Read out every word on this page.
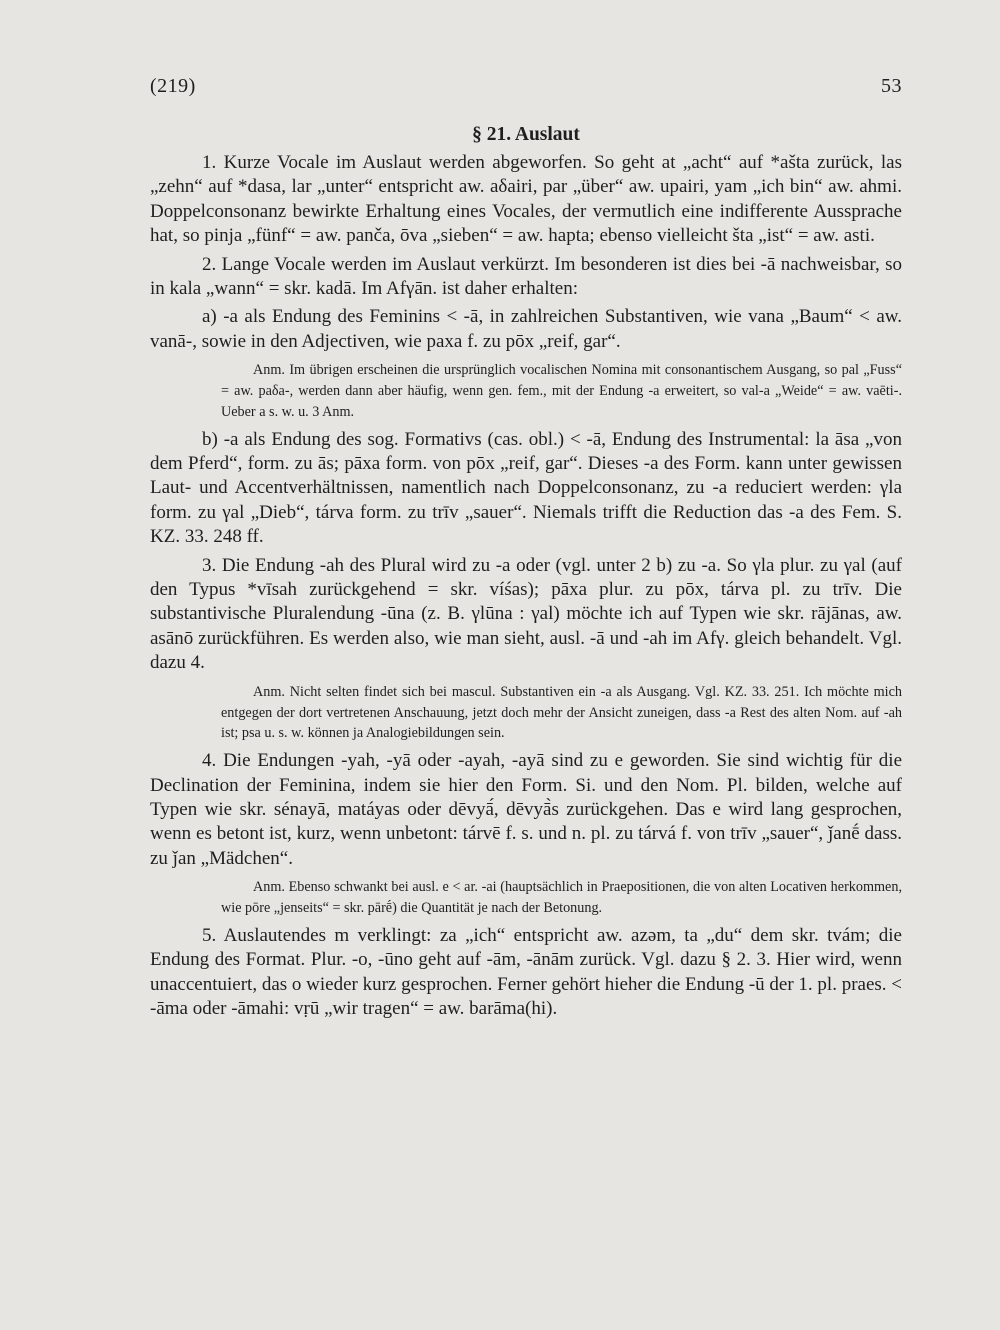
(219)	53
§ 21. Auslaut

1. Kurze Vocale im Auslaut werden abgeworfen. So geht at „acht“ auf *ašta zurück, las „zehn“ auf *dasa, lar „unter“ entspricht aw. aδairi, par „über“ aw. upairi, yam „ich bin“ aw. ahmi. Doppelconsonanz bewirkte Erhaltung eines Vocales, der vermutlich eine indifferente Aussprache hat, so pinja „fünf“ = aw. panča, ōva „sieben“ = aw. hapta; ebenso vielleicht šta „ist“ = aw. asti.

2. Lange Vocale werden im Auslaut verkürzt. Im besonderen ist dies bei -ā nachweisbar, so in kala „wann“ = skr. kadā. Im Afγān. ist daher erhalten:

a) -a als Endung des Feminins < -ā, in zahlreichen Substantiven, wie vana „Baum“ < aw. vanā-, sowie in den Adjectiven, wie paxa f. zu pōx „reif, gar“.

Anm. Im übrigen erscheinen die ursprünglich vocalischen Nomina mit consonantischem Ausgang, so pal „Fuss“ = aw. paδa-, werden dann aber häufig, wenn gen. fem., mit der Endung -a erweitert, so val-a „Weide“ = aw. vaēti-. Ueber a s. w. u. 3 Anm.

b) -a als Endung des sog. Formativs (cas. obl.) < -ā, Endung des Instrumental: la āsa „von dem Pferd“, form. zu ās; pāxa form. von pōx „reif, gar“. Dieses -a des Form. kann unter gewissen Laut- und Accentverhältnissen, namentlich nach Doppelconsonanz, zu -a reduciert werden: γla form. zu γal „Dieb“, tárva form. zu trīv „sauer“. Niemals trifft die Reduction das -a des Fem. S. KZ. 33. 248 ff.

3. Die Endung -ah des Plural wird zu -a oder (vgl. unter 2 b) zu -a. So γla plur. zu γal (auf den Typus *vīsah zurückgehend = skr. víśas); pāxa plur. zu pōx, tárva pl. zu trīv. Die substantivische Pluralendung -ūna (z. B. γlūna : γal) möchte ich auf Typen wie skr. rājānas, aw. asānō zurückführen. Es werden also, wie man sieht, ausl. -ā und -ah im Afγ. gleich behandelt. Vgl. dazu 4.

Anm. Nicht selten findet sich bei mascul. Substantiven ein -a als Ausgang. Vgl. KZ. 33. 251. Ich möchte mich entgegen der dort vertretenen Anschauung, jetzt doch mehr der Ansicht zuneigen, dass -a Rest des alten Nom. auf -ah ist; psa u. s. w. können ja Analogiebildungen sein.

4. Die Endungen -yah, -yā oder -ayah, -ayā sind zu e geworden. Sie sind wichtig für die Declination der Feminina, indem sie hier den Form. Si. und den Nom. Pl. bilden, welche auf Typen wie skr. sénayā, matáyas oder dēvyā́, dēvyā̀s zurückgehen. Das e wird lang gesprochen, wenn es betont ist, kurz, wenn unbetont: tárvē f. s. und n. pl. zu tárvá f. von trīv „sauer“, ǰanḗ dass. zu ǰan „Mädchen“.

Anm. Ebenso schwankt bei ausl. e < ar. -ai (hauptsächlich in Praepositionen, die von alten Locativen herkommen, wie pōre „jenseits“ = skr. pārḗ) die Quantität je nach der Betonung.

5. Auslautendes m verklingt: za „ich“ entspricht aw. azəm, ta „du“ dem skr. tvám; die Endung des Format. Plur. -o, -ūno geht auf -ām, -ānām zurück. Vgl. dazu § 2. 3. Hier wird, wenn unaccentuiert, das o wieder kurz gesprochen. Ferner gehört hieher die Endung -ū der 1. pl. praes. < -āma oder -āmahi: vṛū „wir tragen“ = aw. barāma(hi).
